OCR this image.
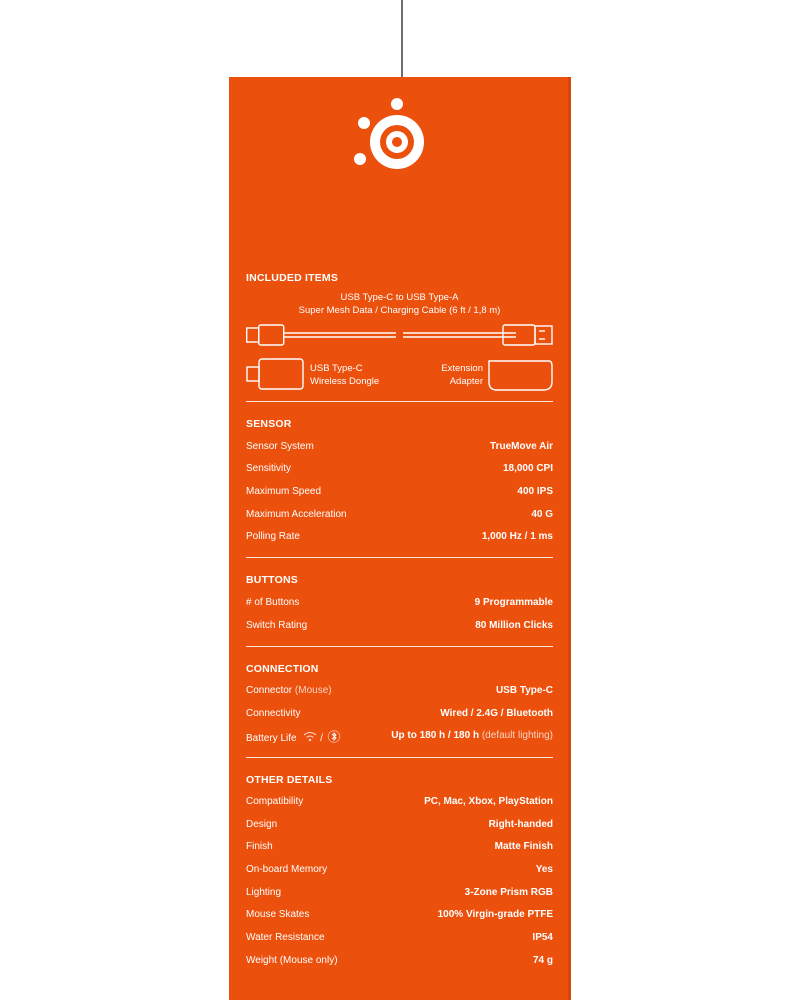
INCLUDED ITEMS
USB Type-C to USB Type-A
Super Mesh Data / Charging Cable (6 ft / 1,8 m)
USB Type-C
Wireless Dongle
Extension
Adapter
SENSOR
Sensor System	TrueMove Air
Sensitivity	18,000 CPI
Maximum Speed	400 IPS
Maximum Acceleration	40 G
Polling Rate	1,000 Hz / 1 ms
BUTTONS
# of Buttons	9 Programmable
Switch Rating	80 Million Clicks
CONNECTION
Connector (Mouse)	USB Type-C
Connectivity	Wired / 2.4G / Bluetooth
Battery Life /	Up to 180 h / 180 h (default lighting)
OTHER DETAILS
Compatibility	PC, Mac, Xbox, PlayStation
Design	Right-handed
Finish	Matte Finish
On-board Memory	Yes
Lighting	3-Zone Prism RGB
Mouse Skates	100% Virgin-grade PTFE
Water Resistance	IP54
Weight (Mouse only)	74 g
